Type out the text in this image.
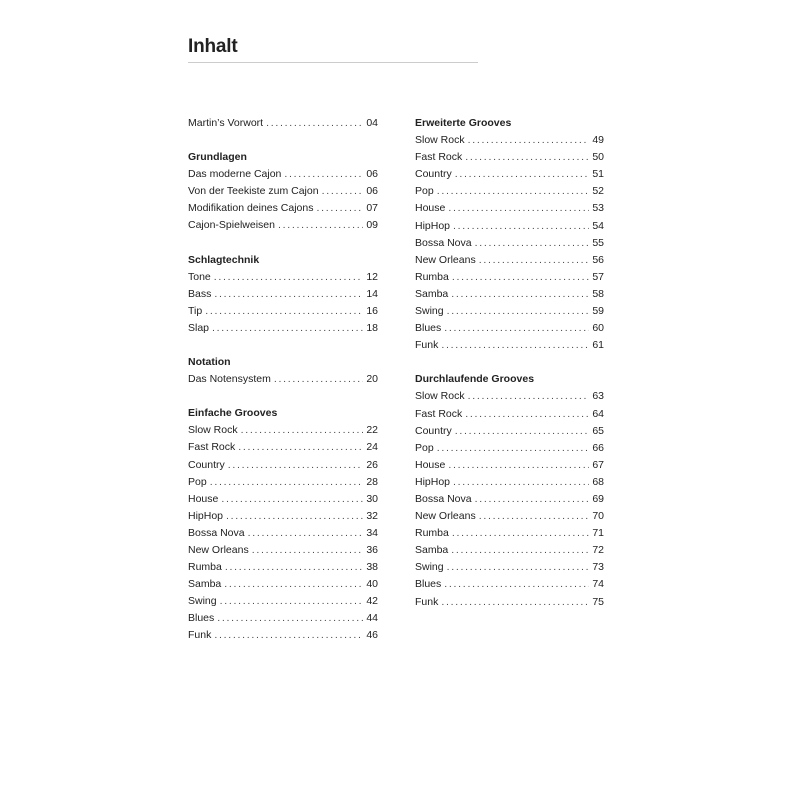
Inhalt
Martin’s Vorwort . . .	04
Grundlagen
Das moderne Cajon . . .	06
Von der Teekiste zum Cajon . . .	06
Modifikation deines Cajons . . .	07
Cajon-Spielweisen . . .	09
Schlagtechnik
Tone . . .	12
Bass . . .	14
Tip . . .	16
Slap . . .	18
Notation
Das Notensystem . . .	20
Einfache Grooves
Slow Rock . . .	22
Fast Rock . . .	24
Country . . .	26
Pop . . .	28
House . . .	30
HipHop . . .	32
Bossa Nova . . .	34
New Orleans . . .	36
Rumba . . .	38
Samba . . .	40
Swing . . .	42
Blues . . .	44
Funk . . .	46
Erweiterte Grooves
Slow Rock . . .	49
Fast Rock . . .	50
Country . . .	51
Pop . . .	52
House . . .	53
HipHop . . .	54
Bossa Nova . . .	55
New Orleans . . .	56
Rumba . . .	57
Samba . . .	58
Swing . . .	59
Blues . . .	60
Funk . . .	61
Durchlaufende Grooves
Slow Rock . . .	63
Fast Rock . . .	64
Country . . .	65
Pop . . .	66
House . . .	67
HipHop . . .	68
Bossa Nova . . .	69
New Orleans . . .	70
Rumba . . .	71
Samba . . .	72
Swing . . .	73
Blues . . .	74
Funk . . .	75
